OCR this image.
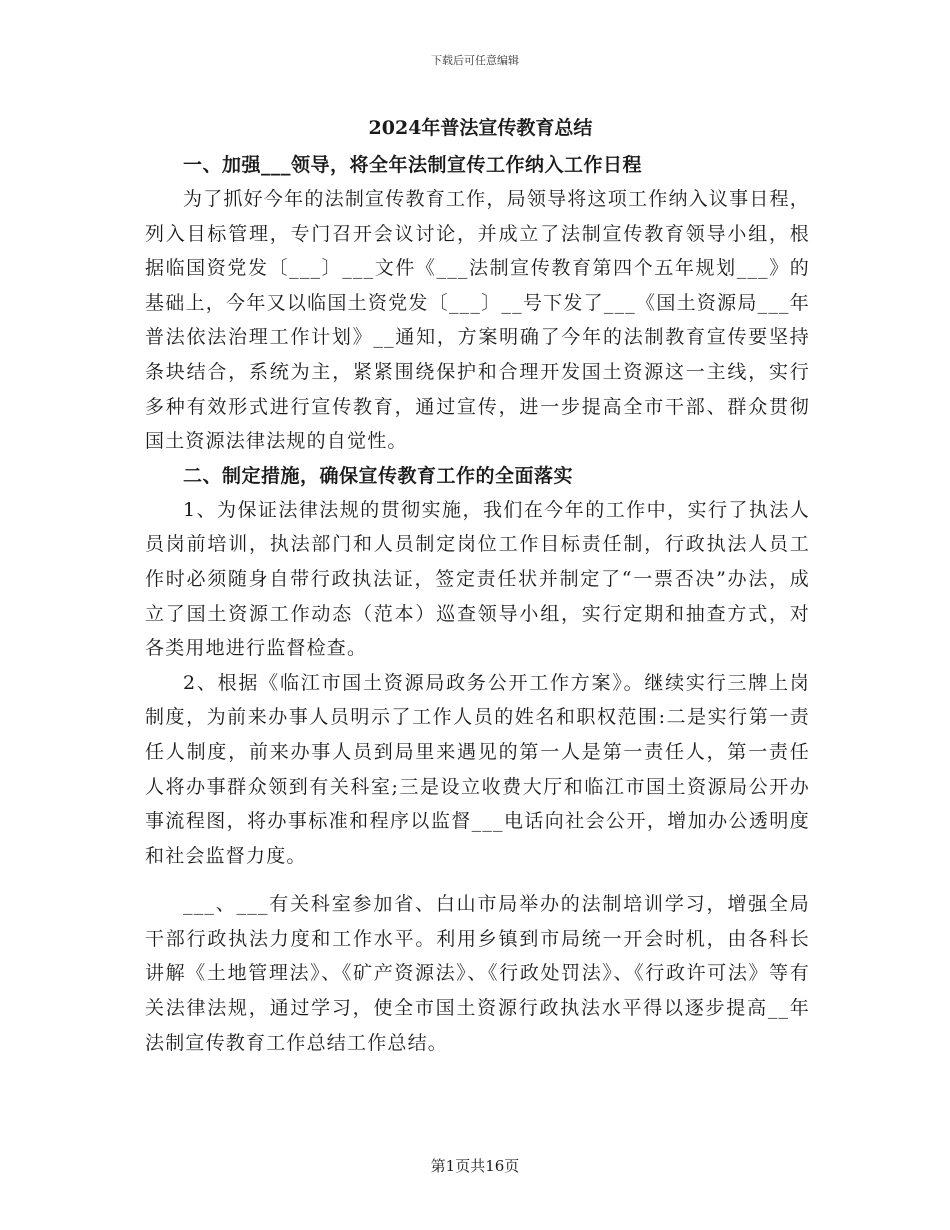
下载后可任意编辑
2024年普法宣传教育总结

一、加强___领导，将全年法制宣传工作纳入工作日程

为了抓好今年的法制宣传教育工作，局领导将这项工作纳入议事日程，列入目标管理，专门召开会议讨论，并成立了法制宣传教育领导小组，根据临国资党发〔___〕___文件《___法制宣传教育第四个五年规划___》的基础上，今年又以临国土资党发〔___〕__号下发了___《国土资源局___年普法依法治理工作计划》__通知，方案明确了今年的法制教育宣传要坚持条块结合，系统为主，紧紧围绕保护和合理开发国土资源这一主线，实行多种有效形式进行宣传教育，通过宣传，进一步提高全市干部、群众贯彻国土资源法律法规的自觉性。

二、制定措施，确保宣传教育工作的全面落实

1、为保证法律法规的贯彻实施，我们在今年的工作中，实行了执法人员岗前培训，执法部门和人员制定岗位工作目标责任制，行政执法人员工作时必须随身自带行政执法证，签定责任状并制定了“一票否决”办法，成立了国土资源工作动态（范本）巡查领导小组，实行定期和抽查方式，对各类用地进行监督检查。

2、根据《临江市国土资源局政务公开工作方案》。继续实行三牌上岗制度，为前来办事人员明示了工作人员的姓名和职权范围:二是实行第一责任人制度，前来办事人员到局里来遇见的第一人是第一责任人，第一责任人将办事群众领到有关科室;三是设立收费大厅和临江市国土资源局公开办事流程图，将办事标准和程序以监督___电话向社会公开，增加办公透明度和社会监督力度。

___、___有关科室参加省、白山市局举办的法制培训学习，增强全局干部行政执法力度和工作水平。利用乡镇到市局统一开会时机，由各科长讲解《土地管理法》、《矿产资源法》、《行政处罚法》、《行政许可法》等有关法律法规，通过学习，使全市国土资源行政执法水平得以逐步提高__年法制宣传教育工作总结工作总结。

第1页共16页
